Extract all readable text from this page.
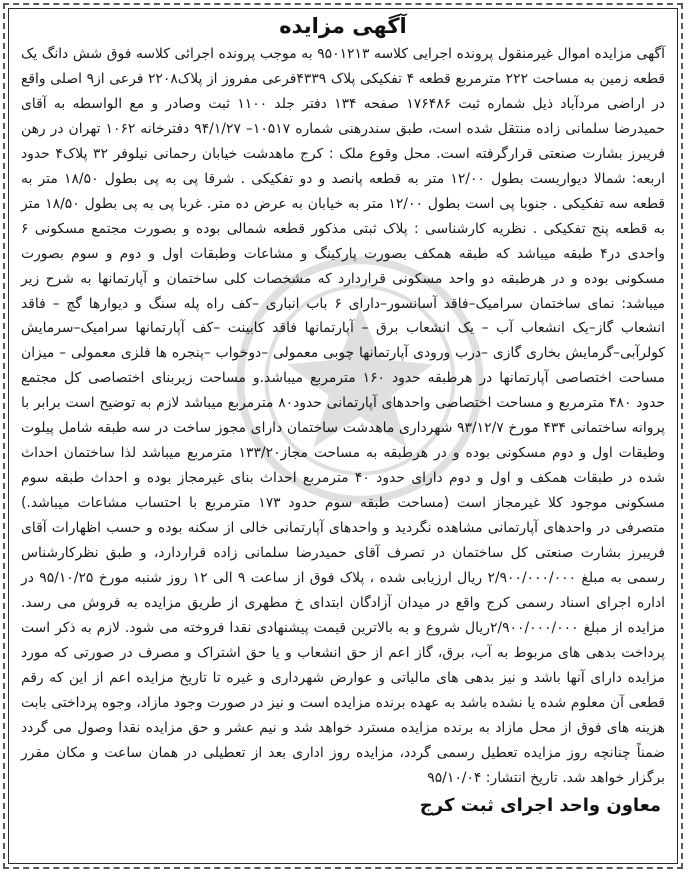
آگهی مزایده

آگهی مزایده اموال غیرمنقول پرونده اجرایی کلاسه ۹۵۰۱۲۱۳ به موجب پرونده اجرائی کلاسه فوق شش دانگ یک قطعه زمین به مساحت ۲۲۲ مترمربع قطعه ۴ تفکیکی پلاک ۴۳۳۹فرعی مفروز از پلاک۲۲۰۸ فرعی از۹ اصلی واقع در اراضی مردآباد ذیل شماره ثبت ۱۷۶۴۸۶ صفحه ۱۳۴ دفتر جلد ۱۱۰۰ ثبت وصادر و مع الواسطه به آقای حمیدرضا سلمانی زاده منتقل شده است، طبق سندرهنی شماره ۱۰۵۱۷– ۹۴/۱/۲۷ دفترخانه ۱۰۶۲ تهران در رهن فریبرز بشارت صنعتی قرارگرفته است. محل وقوع ملک : کرج ماهدشت خیابان رحمانی نیلوفر ۳۲ پلاک۴ حدود اربعه: شمالا دیواریست بطول ۱۲/۰۰ متر به قطعه پانصد و دو تفکیکی . شرقا پی به پی بطول ۱۸/۵۰ متر به قطعه سه تفکیکی . جنوبا پی است بطول ۱۲/۰۰ متر به خیابان به عرض ده متر. غربا پی به پی بطول ۱۸/۵۰ متر به قطعه پنج تفکیکی . نظریه کارشناسی : پلاک ثبتی مذکور قطعه شمالی بوده و بصورت مجتمع مسکونی ۶ واحدی در۴ طبقه میباشد که طبقه همکف بصورت پارکینگ و مشاعات وطبقات اول و دوم و سوم بصورت مسکونی بوده و در هرطبقه دو واحد مسکونی قراردارد که مشخصات کلی ساختمان و آپارتمانها به شرح زیر میباشد: نمای ساختمان سرامیک–فاقد آسانسور–دارای ۶ باب انباری –کف راه پله سنگ و دیوارها گچ – فاقد انشعاب گاز–یک انشعاب آب – یک انشعاب برق – آپارتمانها فاقد کابینت –کف آپارتمانها سرامیک–سرمایش کولرآبی–گرمایش بخاری گازی –درب ورودی آپارتمانها چوبی معمولی –دوخواب –پنجره ها فلزی معمولی – میزان مساحت اختصاصی آپارتمانها در هرطبقه حدود ۱۶۰ مترمربع میباشد.و مساحت زیربنای اختصاصی کل مجتمع حدود ۴۸۰ مترمربع و مساحت اختصاصی واحدهای آپارتمانی حدود۸۰ مترمربع میباشد لازم به توضیح است برابر با پروانه ساختمانی ۴۳۴ مورخ ۹۳/۱۲/۷ شهرداری ماهدشت ساختمان دارای مجوز ساخت در سه طبقه شامل پیلوت وطبقات اول و دوم مسکونی بوده و در هرطبقه به مساحت مجاز۱۳۳/۲۰ مترمربع میباشد لذا ساختمان احداث شده در طبقات همکف و اول و دوم دارای حدود ۴۰ مترمربع احداث بنای غیرمجاز بوده و احداث طبقه سوم مسکونی موجود کلا غیرمجاز است (مساحت طبقه سوم حدود ۱۷۳ مترمربع با احتساب مشاعات میباشد.) متصرفی در واحدهای آپارتمانی مشاهده نگردید و واحدهای آپارتمانی خالی از سکنه بوده و حسب اظهارات آقای فریبرز بشارت صنعتی کل ساختمان در تصرف آقای حمیدرضا سلمانی زاده قراردارد، و طبق نظرکارشناس رسمی به مبلغ ۲/۹۰۰/۰۰۰/۰۰۰ ریال ارزیابی شده ، پلاک فوق از ساعت ۹ الی ۱۲ روز شنبه مورخ ۹۵/۱۰/۲۵ در اداره اجرای اسناد رسمی کرج واقع در میدان آزادگان ابتدای خ مطهری از طریق مزایده به فروش می رسد. مزایده از مبلغ ۲/۹۰۰/۰۰۰/۰۰۰ریال شروع و به بالاترین قیمت پیشنهادی نقدا فروخته می شود. لازم به ذکر است پرداخت بدهی های مربوط به آب، برق، گاز اعم از حق انشعاب و یا حق اشتراک و مصرف در صورتی که مورد مزایده دارای آنها باشد و نیز بدهی های مالیاتی و عوارض شهرداری و غیره تا تاریخ مزایده اعم از این که رقم قطعی آن معلوم شده یا نشده باشد به عهده برنده مزایده است و نیز در صورت وجود مازاد، وجوه پرداختی بابت هزینه های فوق از محل مازاد به برنده مزایده مسترد خواهد شد و نیم عشر و حق مزایده نقدا وصول می گردد ضمناً چنانچه روز مزایده تعطیل رسمی گردد، مزایده روز اداری بعد از تعطیلی در همان ساعت و مکان مقرر برگزار خواهد شد. تاریخ انتشار: ۹۵/۱۰/۰۴

معاون واحد اجرای ثبت کرج
